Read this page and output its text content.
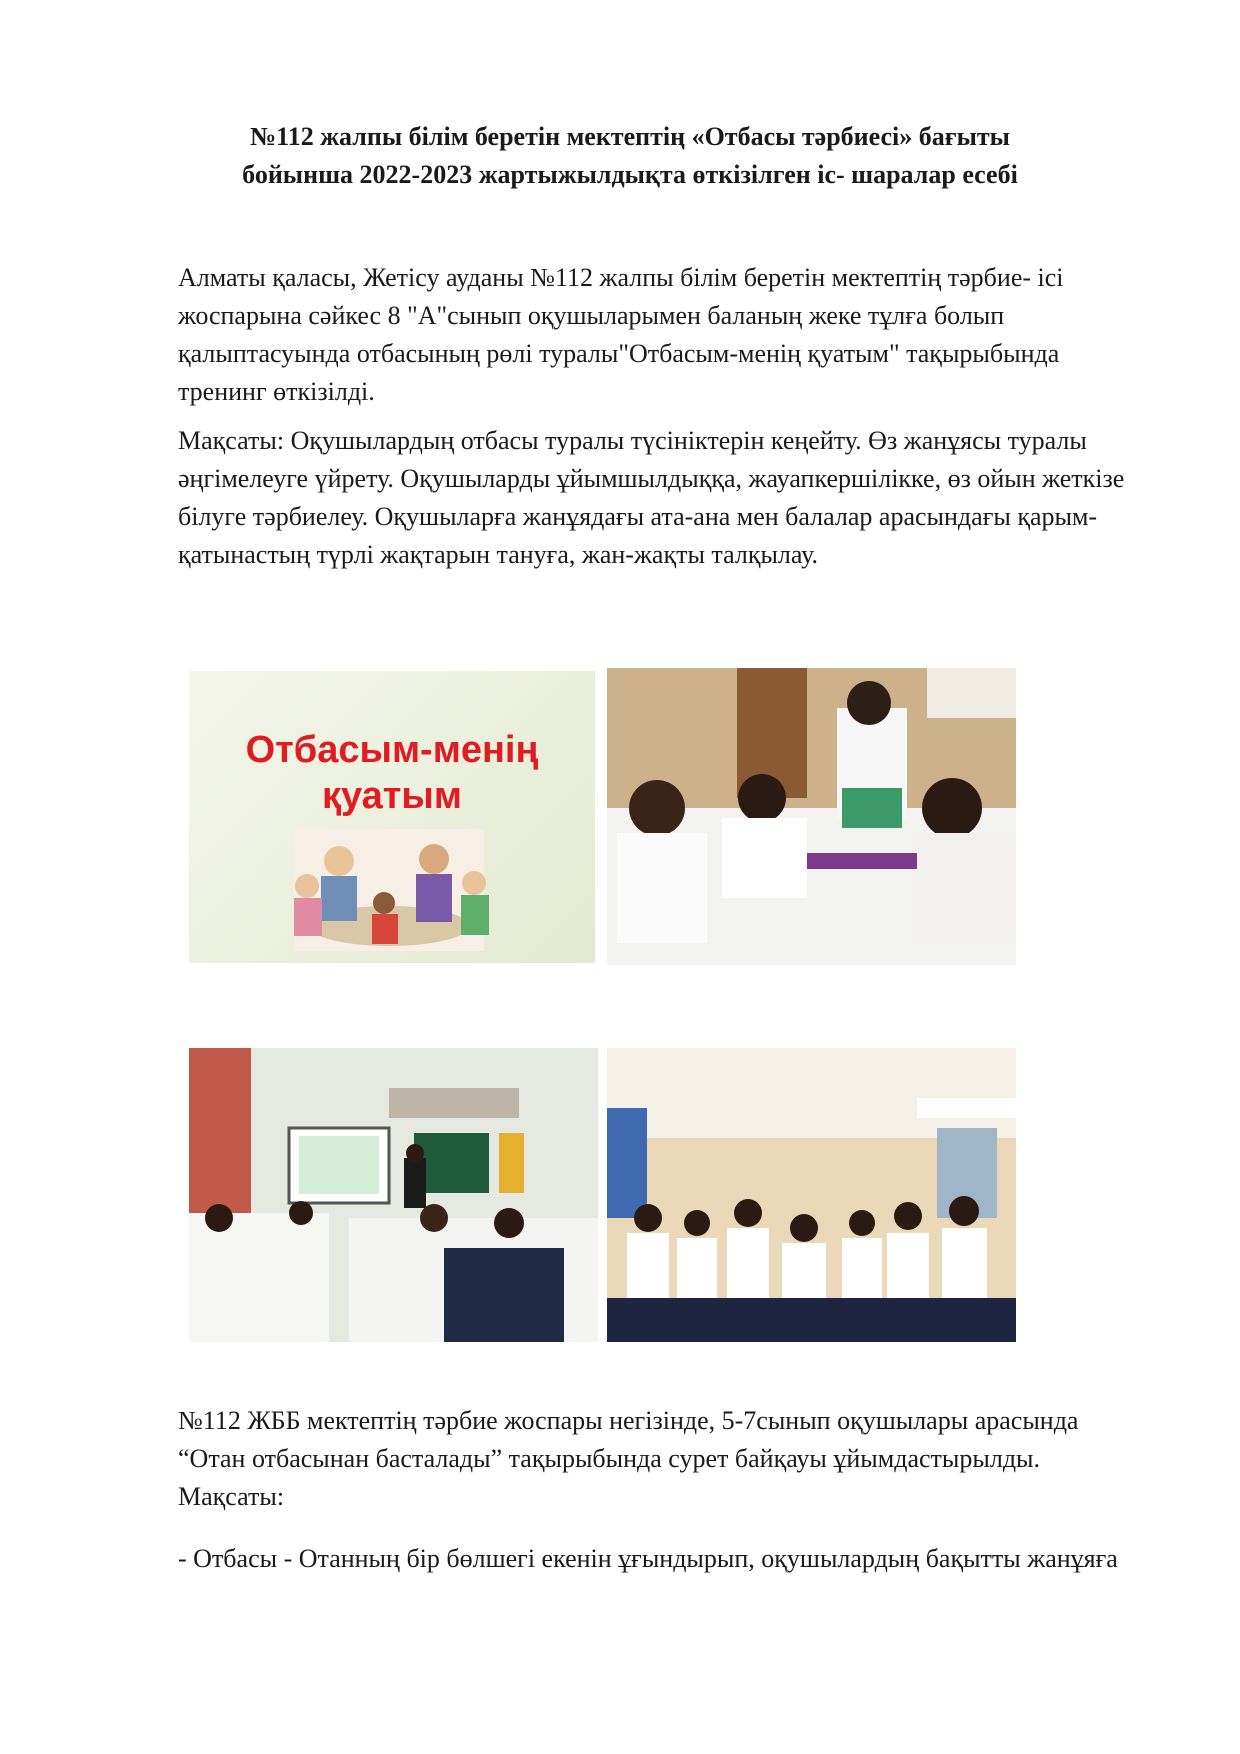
№112 жалпы білім беретін мектептің «Отбасы тәрбиесі» бағыты
бойынша 2022-2023 жартыжылдықта өткізілген іс- шаралар есебі
Алматы қаласы, Жетісу ауданы №112 жалпы білім беретін мектептің тәрбие- ісі жоспарына сәйкес 8 "А"сынып оқушыларымен баланың жеке тұлға болып қалыптасуында отбасының рөлі туралы"Отбасым-менің қуатым" тақырыбында тренинг өткізілді.
Мақсаты: Оқушылардың отбасы туралы түсініктерін кеңейту. Өз жанұясы туралы әңгімелеуге үйрету. Оқушыларды ұйымшылдыққа, жауапкершілікке, өз ойын жеткізе білуге тәрбиелеу. Оқушыларға жанұядағы ата-ана мен балалар арасындағы қарым-қатынастың түрлі жақтарын тануға, жан-жақты талқылау.
Отбасым-менің
қуатым
№112 ЖББ мектептің тәрбие жоспары негізінде, 5-7сынып оқушылары арасында “Отан отбасынан басталады” тақырыбында сурет байқауы ұйымдастырылды. Мақсаты:
- Отбасы - Отанның бір бөлшегі екенін ұғындырып, оқушылардың бақытты жанұяға
